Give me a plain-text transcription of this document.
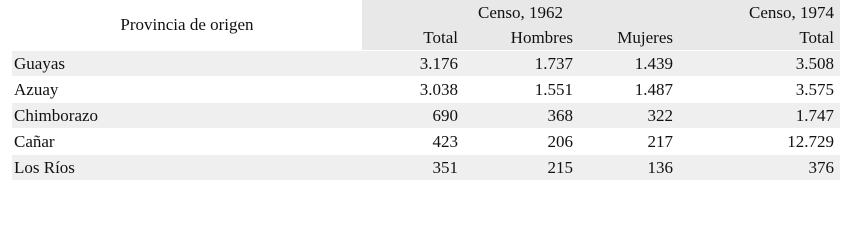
Provincia de origen	Censo, 1962			Censo, 1974
	Total	Hombres	Mujeres	Total
Guayas	3.176	1.737	1.439	3.508
Azuay	3.038	1.551	1.487	3.575
Chimborazo	690	368	322	1.747
Cañar	423	206	217	12.729
Los Ríos	351	215	136	376
